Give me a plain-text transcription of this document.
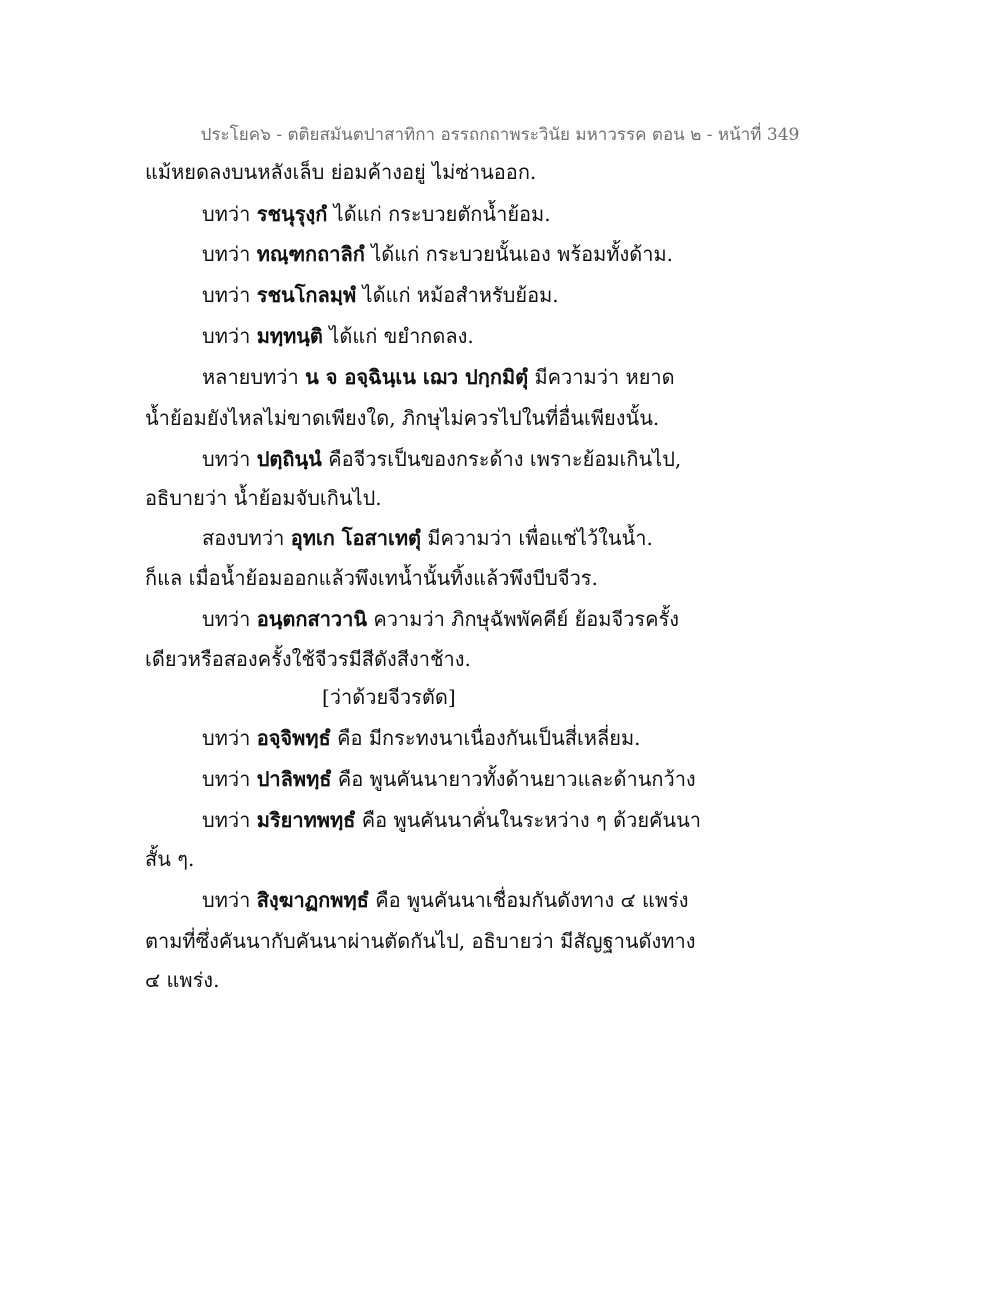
ประโยค๖ - ตติยสมันตปาสาทิกา อรรถกถาพระวินัย มหาวรรค ตอน ๒ - หน้าที่ 349
แม้หยดลงบนหลังเล็บ ย่อมค้างอยู่ ไม่ซ่านออก.
บทว่า รชนุรุงฺกํ ได้แก่ กระบวยตักน้ำย้อม.
บทว่า ทณฺฑกถาลิกํ ได้แก่ กระบวยนั้นเอง พร้อมทั้งด้าม.
บทว่า รชนโกลมฺพํ ได้แก่ หม้อสำหรับย้อม.
บทว่า มทฺทนฺติ ได้แก่ ขยำกดลง.
หลายบทว่า น จ อจฺฉินฺเน เฌว ปกฺกมิตุํ มีความว่า หยาด
น้ำย้อมยังไหลไม่ขาดเพียงใด, ภิกษุไม่ควรไปในที่อื่นเพียงนั้น.
บทว่า ปตฺถินฺนํ คือจีวรเป็นของกระด้าง เพราะย้อมเกินไป,
อธิบายว่า น้ำย้อมจับเกินไป.
สองบทว่า อุทเก โอสาเทตุํ มีความว่า เพื่อแช่ไว้ในน้ำ.
ก็แล เมื่อน้ำย้อมออกแล้วพึงเทน้ำนั้นทิ้งแล้วพึงบีบจีวร.
บทว่า อนฺตกสาวานิ ความว่า ภิกษุฉัพพัคคีย์ ย้อมจีวรครั้ง
เดียวหรือสองครั้งใช้จีวรมีสีดังสีงาช้าง.
[ว่าด้วยจีวรตัด]
บทว่า อจฺจิพทฺธํ คือ มีกระทงนาเนื่องกันเป็นสี่เหลี่ยม.
บทว่า ปาลิพทฺธํ คือ พูนคันนายาวทั้งด้านยาวและด้านกว้าง
บทว่า มริยาทพทฺธํ คือ พูนคันนาคั่นในระหว่าง ๆ ด้วยคันนา
สั้น ๆ.
บทว่า สิงฺฆาฏกพทฺธํ คือ พูนคันนาเชื่อมกันดังทาง ๔ แพร่ง
ตามที่ซึ่งคันนากับคันนาผ่านตัดกันไป, อธิบายว่า มีสัญฐานดังทาง
๔ แพร่ง.
